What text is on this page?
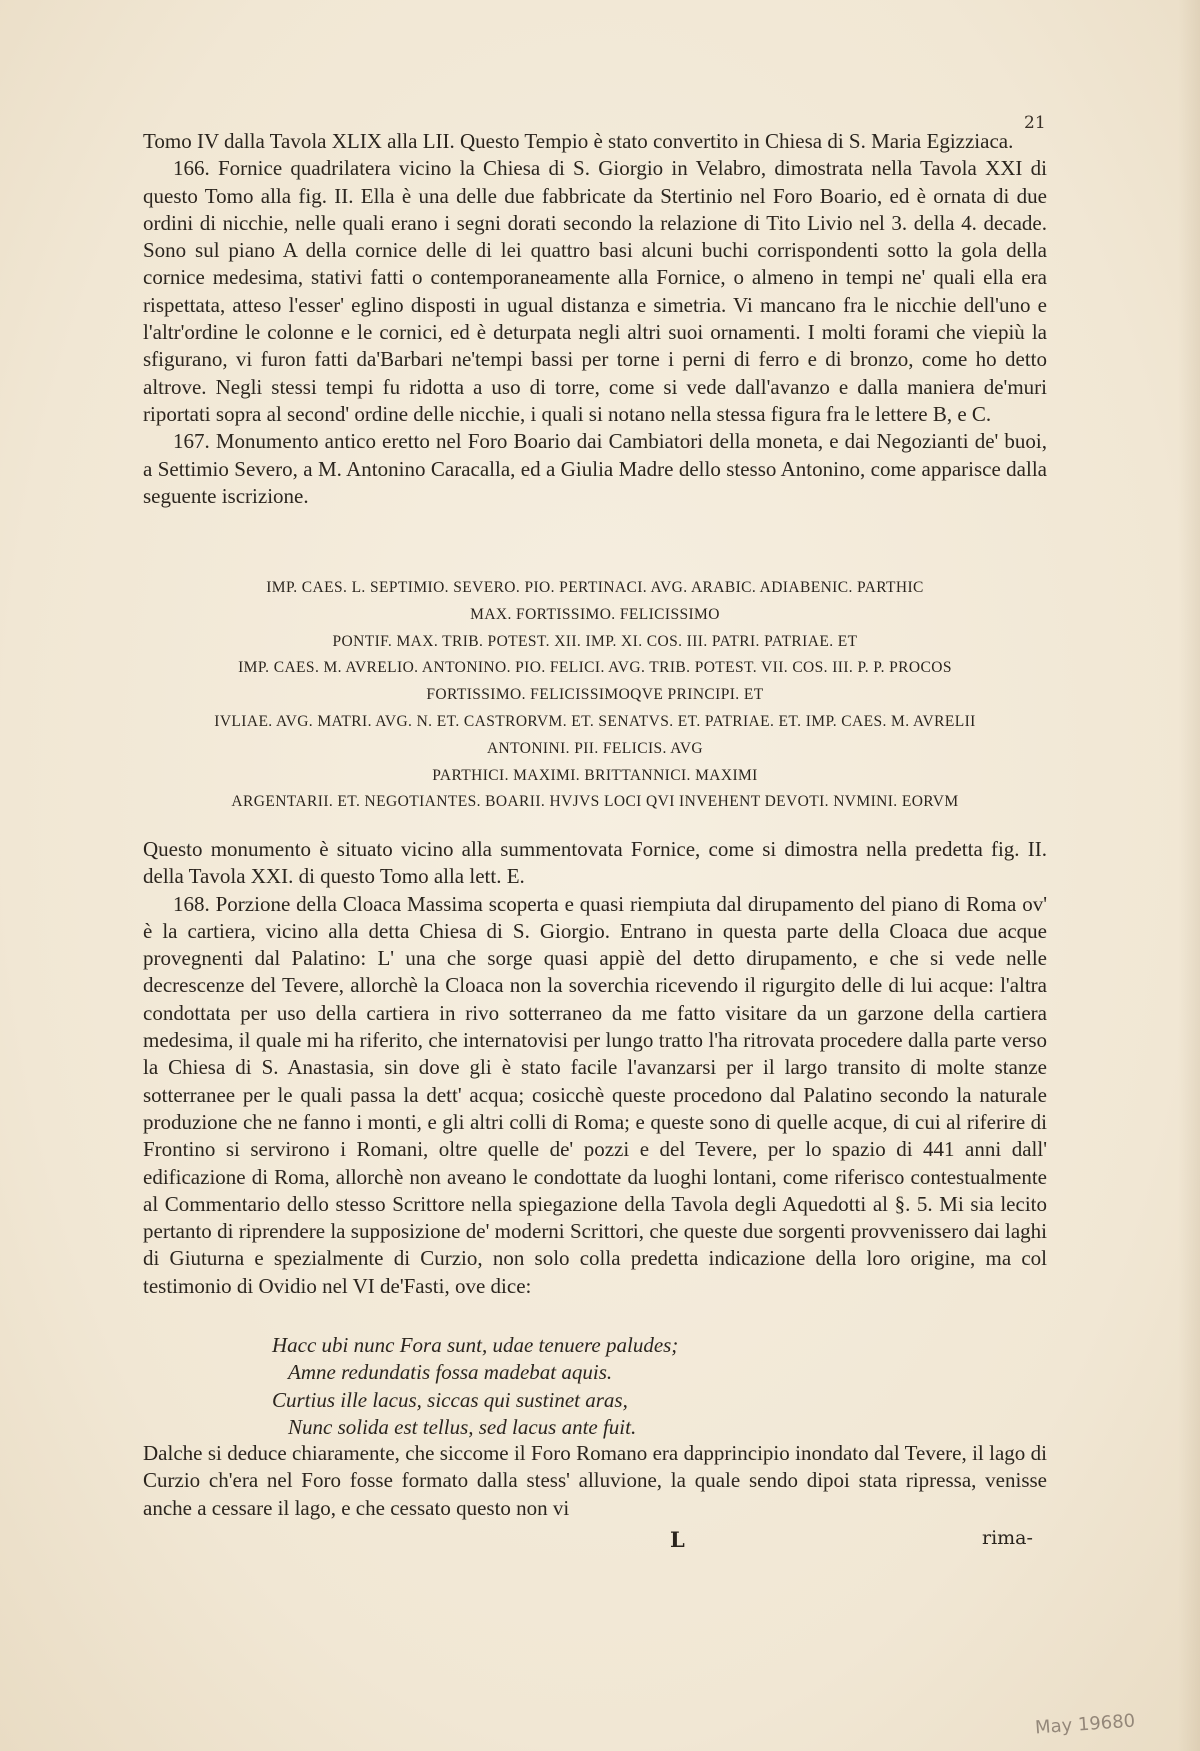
21

Tomo IV dalla Tavola XLIX alla LII. Questo Tempio è stato convertito in Chiesa di S. Maria Egizziaca.

166. Fornice quadrilatera vicino la Chiesa di S. Giorgio in Velabro, dimostrata nella Tavola XXI di questo Tomo alla fig. II. Ella è una delle due fabbricate da Stertinio nel Foro Boario, ed è ornata di due ordini di nicchie, nelle quali erano i segni dorati secondo la relazione di Tito Livio nel 3. della 4. decade. Sono sul piano A della cornice delle di lei quattro basi alcuni buchi corrispondenti sotto la gola della cornice medesima, stativi fatti o contemporaneamente alla Fornice, o almeno in tempi ne' quali ella era rispettata, atteso l'esser' eglino disposti in ugual distanza e simetria. Vi mancano fra le nicchie dell'uno e l'altr'ordine le colonne e le cornici, ed è deturpata negli altri suoi ornamenti. I molti forami che viepiù la sfigurano, vi furon fatti da'Barbari ne'tempi bassi per torne i perni di ferro e di bronzo, come ho detto altrove. Negli stessi tempi fu ridotta a uso di torre, come si vede dall'avanzo e dalla maniera de'muri riportati sopra al second' ordine delle nicchie, i quali si notano nella stessa figura fra le lettere B, e C.

167. Monumento antico eretto nel Foro Boario dai Cambiatori della moneta, e dai Negozianti de' buoi, a Settimio Severo, a M. Antonino Caracalla, ed a Giulia Madre dello stesso Antonino, come apparisce dalla seguente iscrizione.

IMP. CAES. L. SEPTIMIO. SEVERO. PIO. PERTINACI. AVG. ARABIC. ADIABENIC. PARTHIC
MAX. FORTISSIMO. FELICISSIMO
PONTIF. MAX. TRIB. POTEST. XII. IMP. XI. COS. III. PATRI. PATRIAE. ET
IMP. CAES. M. AVRELIO. ANTONINO. PIO. FELICI. AVG. TRIB. POTEST. VII. COS. III. P. P. PROCOS
FORTISSIMO. FELICISSIMOQVE PRINCIPI. ET
IVLIAE. AVG. MATRI. AVG. N. ET. CASTRORVM. ET. SENATVS. ET. PATRIAE. ET. IMP. CAES. M. AVRELII
ANTONINI. PII. FELICIS. AVG
PARTHICI. MAXIMI. BRITTANNICI. MAXIMI
ARGENTARII. ET. NEGOTIANTES. BOARII. HVJVS LOCI QVI INVEHENT DEVOTI. NVMINI. EORVM

Questo monumento è situato vicino alla summentovata Fornice, come si dimostra nella predetta fig. II. della Tavola XXI. di questo Tomo alla lett. E.

168. Porzione della Cloaca Massima scoperta e quasi riempiuta dal dirupamento del piano di Roma ov' è la cartiera, vicino alla detta Chiesa di S. Giorgio. Entrano in questa parte della Cloaca due acque provegnenti dal Palatino: L' una che sorge quasi appiè del detto dirupamento, e che si vede nelle decrescenze del Tevere, allorchè la Cloaca non la soverchia ricevendo il rigurgito delle di lui acque: l'altra condottata per uso della cartiera in rivo sotterraneo da me fatto visitare da un garzone della cartiera medesima, il quale mi ha riferito, che internatovisi per lungo tratto l'ha ritrovata procedere dalla parte verso la Chiesa di S. Anastasia, sin dove gli è stato facile l'avanzarsi per il largo transito di molte stanze sotterranee per le quali passa la dett' acqua; cosicchè queste procedono dal Palatino secondo la naturale produzione che ne fanno i monti, e gli altri colli di Roma; e queste sono di quelle acque, di cui al riferire di Frontino si servirono i Romani, oltre quelle de' pozzi e del Tevere, per lo spazio di 441 anni dall' edificazione di Roma, allorchè non aveano le condottate da luoghi lontani, come riferisco contestualmente al Commentario dello stesso Scrittore nella spiegazione della Tavola degli Aquedotti al §. 5. Mi sia lecito pertanto di riprendere la supposizione de' moderni Scrittori, che queste due sorgenti provvenissero dai laghi di Giuturna e spezialmente di Curzio, non solo colla predetta indicazione della loro origine, ma col testimonio di Ovidio nel VI de'Fasti, ove dice:

Hacc ubi nunc Fora sunt, udae tenuere paludes;
Amne redundatis fossa madebat aquis.
Curtius ille lacus, siccas qui sustinet aras,
Nunc solida est tellus, sed lacus ante fuit.

Dalche si deduce chiaramente, che siccome il Foro Romano era dapprincipio inondato dal Tevere, il lago di Curzio ch'era nel Foro fosse formato dalla stess' alluvione, la quale sendo dipoi stata ripressa, venisse anche a cessare il lago, e che cessato questo non vi

L	rima-
May 19680
